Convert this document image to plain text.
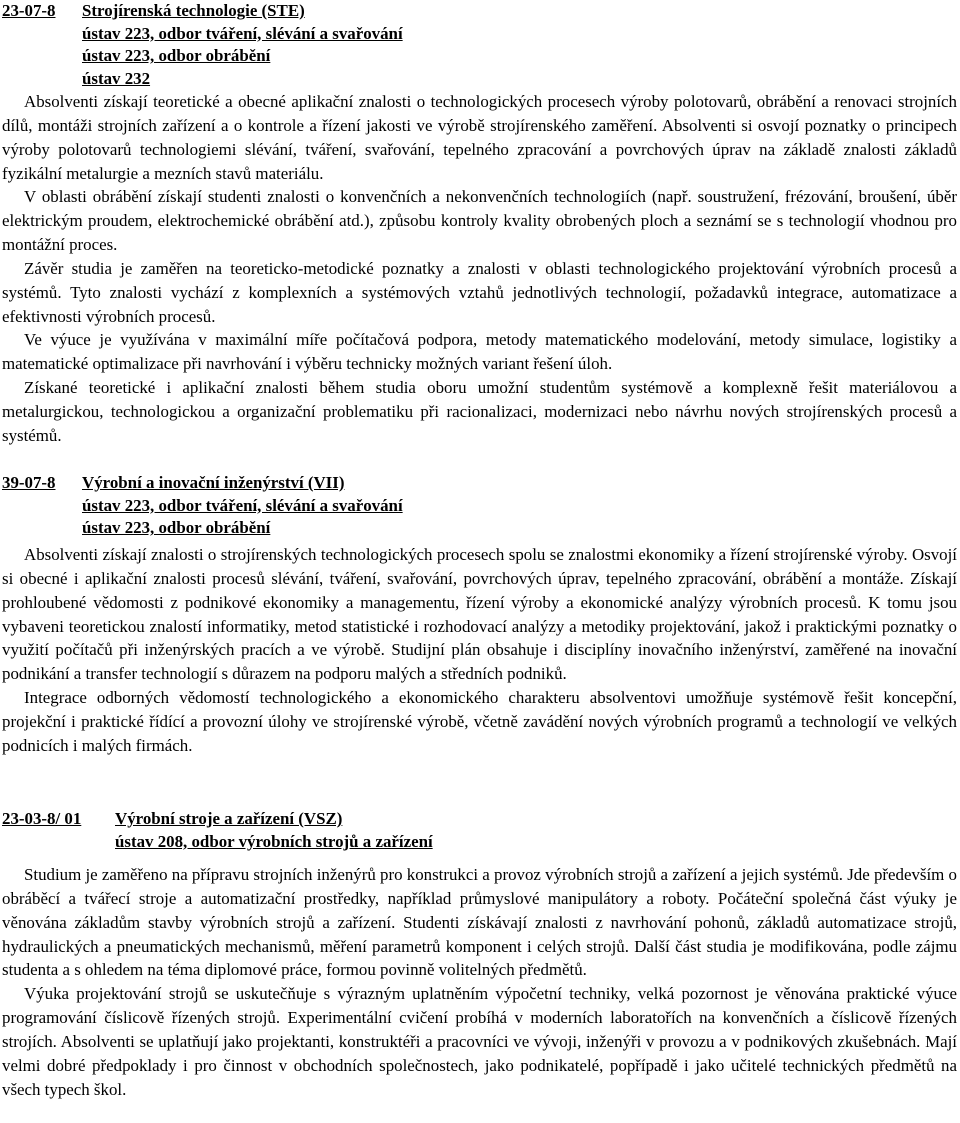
23-07-8 Strojírenská technologie (STE)
ústav 223, odbor tváření, slévání a svařování
ústav 223, odbor obrábění
ústav 232

Absolventi získají teoretické a obecné aplikační znalosti o technologických procesech výroby polotovarů, obrábění a renovaci strojních dílů, montáži strojních zařízení a o kontrole a řízení jakosti ve výrobě strojírenského zaměření. Absolventi si osvojí poznatky o principech výroby polotovarů technologiemi slévání, tváření, svařování, tepelného zpracování a povrchových úprav na základě znalosti základů fyzikální metalurgie a mezních stavů materiálu.

V oblasti obrábění získají studenti znalosti o konvenčních a nekonvenčních technologiích (např. soustružení, frézování, broušení, úběr elektrickým proudem, elektrochemické obrábění atd.), způsobu kontroly kvality obrobených ploch a seznámí se s technologií vhodnou pro montážní proces.

Závěr studia je zaměřen na teoreticko-metodické poznatky a znalosti v oblasti technologického projektování výrobních procesů a systémů. Tyto znalosti vychází z komplexních a systémových vztahů jednotlivých technologií, požadavků integrace, automatizace a efektivnosti výrobních procesů.

Ve výuce je využívána v maximální míře počítačová podpora, metody matematického modelování, metody simulace, logistiky a matematické optimalizace při navrhování i výběru technicky možných variant řešení úloh.

Získané teoretické i aplikační znalosti během studia oboru umožní studentům systémově a komplexně řešit materiálovou a metalurgickou, technologickou a organizační problematiku při racionalizaci, modernizaci nebo návrhu nových strojírenských procesů a systémů.

39-07-8 Výrobní a inovační inženýrství (VII)
ústav 223, odbor tváření, slévání a svařování
ústav 223, odbor obrábění

Absolventi získají znalosti o strojírenských technologických procesech spolu se znalostmi ekonomiky a řízení strojírenské výroby. Osvojí si obecné i aplikační znalosti procesů slévání, tváření, svařování, povrchových úprav, tepelného zpracování, obrábění a montáže. Získají prohloubené vědomosti z podnikové ekonomiky a managementu, řízení výroby a ekonomické analýzy výrobních procesů. K tomu jsou vybaveni teoretickou znalostí informatiky, metod statistické i rozhodovací analýzy a metodiky projektování, jakož i praktickými poznatky o využití počítačů při inženýrských pracích a ve výrobě. Studijní plán obsahuje i disciplíny inovačního inženýrství, zaměřené na inovační podnikání a transfer technologií s důrazem na podporu malých a středních podniků.

Integrace odborných vědomostí technologického a ekonomického charakteru absolventovi umožňuje systémově řešit koncepční, projekční i praktické řídící a provozní úlohy ve strojírenské výrobě, včetně zavádění nových výrobních programů a technologií ve velkých podnicích i malých firmách.

23-03-8/ 01 Výrobní stroje a zařízení (VSZ)
ústav 208, odbor výrobních strojů a zařízení

Studium je zaměřeno na přípravu strojních inženýrů pro konstrukci a provoz výrobních strojů a zařízení a jejich systémů. Jde především o obráběcí a tvářecí stroje a automatizační prostředky, například průmyslové manipulátory a roboty. Počáteční společná část výuky je věnována základům stavby výrobních strojů a zařízení. Studenti získávají znalosti z navrhování pohonů, základů automatizace strojů, hydraulických a pneumatických mechanismů, měření parametrů komponent i celých strojů. Další část studia je modifikována, podle zájmu studenta a s ohledem na téma diplomové práce, formou povinně volitelných předmětů.

Výuka projektování strojů se uskutečňuje s výrazným uplatněním výpočetní techniky, velká pozornost je věnována praktické výuce programování číslicově řízených strojů. Experimentální cvičení probíhá v moderních laboratořích na konvenčních a číslicově řízených strojích. Absolventi se uplatňují jako projektanti, konstruktéři a pracovníci ve vývoji, inženýři v provozu a v podnikových zkušebnách. Mají velmi dobré předpoklady i pro činnost v obchodních společnostech, jako podnikatelé, popřípadě i jako učitelé technických předmětů na všech typech škol.
